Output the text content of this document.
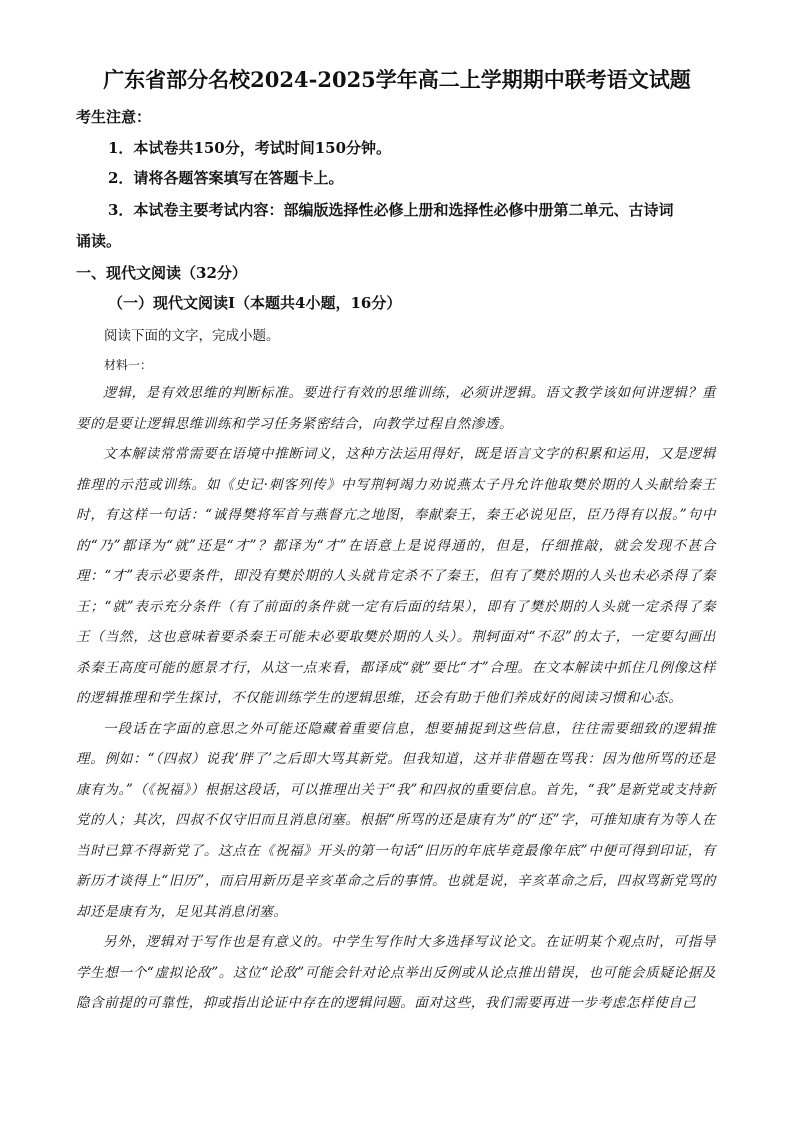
广东省部分名校2024-2025学年高二上学期期中联考语文试题
考生注意：
1．本试卷共150分，考试时间150分钟。
2．请将各题答案填写在答题卡上。
3．本试卷主要考试内容：部编版选择性必修上册和选择性必修中册第二单元、古诗词
诵读。
一、现代文阅读（32分）
（一）现代文阅读Ⅰ（本题共4小题，16分）
阅读下面的文字，完成小题。
材料一：

逻辑，是有效思维的判断标准。要进行有效的思维训练，必须讲逻辑。语文教学该如何讲逻辑？重要的是要让逻辑思维训练和学习任务紧密结合，向教学过程自然渗透。

文本解读常常需要在语境中推断词义，这种方法运用得好，既是语言文字的积累和运用，又是逻辑推理的示范或训练。如《史记·刺客列传》中写荆轲竭力劝说燕太子丹允许他取樊於期的人头献给秦王时，有这样一句话：“诚得樊将军首与燕督亢之地图，奉献秦王，秦王必说见臣，臣乃得有以报。”句中的“乃”都译为“就”还是“才”？都译为“才”在语意上是说得通的，但是，仔细推敲，就会发现不甚合理：“才”表示必要条件，即没有樊於期的人头就肯定杀不了秦王，但有了樊於期的人头也未必杀得了秦王；“就”表示充分条件（有了前面的条件就一定有后面的结果），即有了樊於期的人头就一定杀得了秦王（当然，这也意味着要杀秦王可能未必要取樊於期的人头）。荆轲面对“不忍”的太子，一定要勾画出杀秦王高度可能的愿景才行，从这一点来看，都译成“就”要比“才”合理。在文本解读中抓住几例像这样的逻辑推理和学生探讨，不仅能训练学生的逻辑思维，还会有助于他们养成好的阅读习惯和心态。

一段话在字面的意思之外可能还隐藏着重要信息，想要捕捉到这些信息，往往需要细致的逻辑推理。例如：“（四叔）说我‘胖了’之后即大骂其新党。但我知道，这并非借题在骂我：因为他所骂的还是康有为。”（《祝福》）根据这段话，可以推理出关于“我”和四叔的重要信息。首先，“我”是新党或支持新党的人；其次，四叔不仅守旧而且消息闭塞。根据“所骂的还是康有为”的“还”字，可推知康有为等人在当时已算不得新党了。这点在《祝福》开头的第一句话“旧历的年底毕竟最像年底”中便可得到印证，有新历才谈得上“旧历”，而启用新历是辛亥革命之后的事情。也就是说，辛亥革命之后，四叔骂新党骂的却还是康有为，足见其消息闭塞。

另外，逻辑对于写作也是有意义的。中学生写作时大多选择写议论文。在证明某个观点时，可指导学生想一个“虚拟论敌”。这位“论敌”可能会针对论点举出反例或从论点推出错误，也可能会质疑论据及隐含前提的可靠性，抑或指出论证中存在的逻辑问题。面对这些，我们需要再进一步考虑怎样使自己
